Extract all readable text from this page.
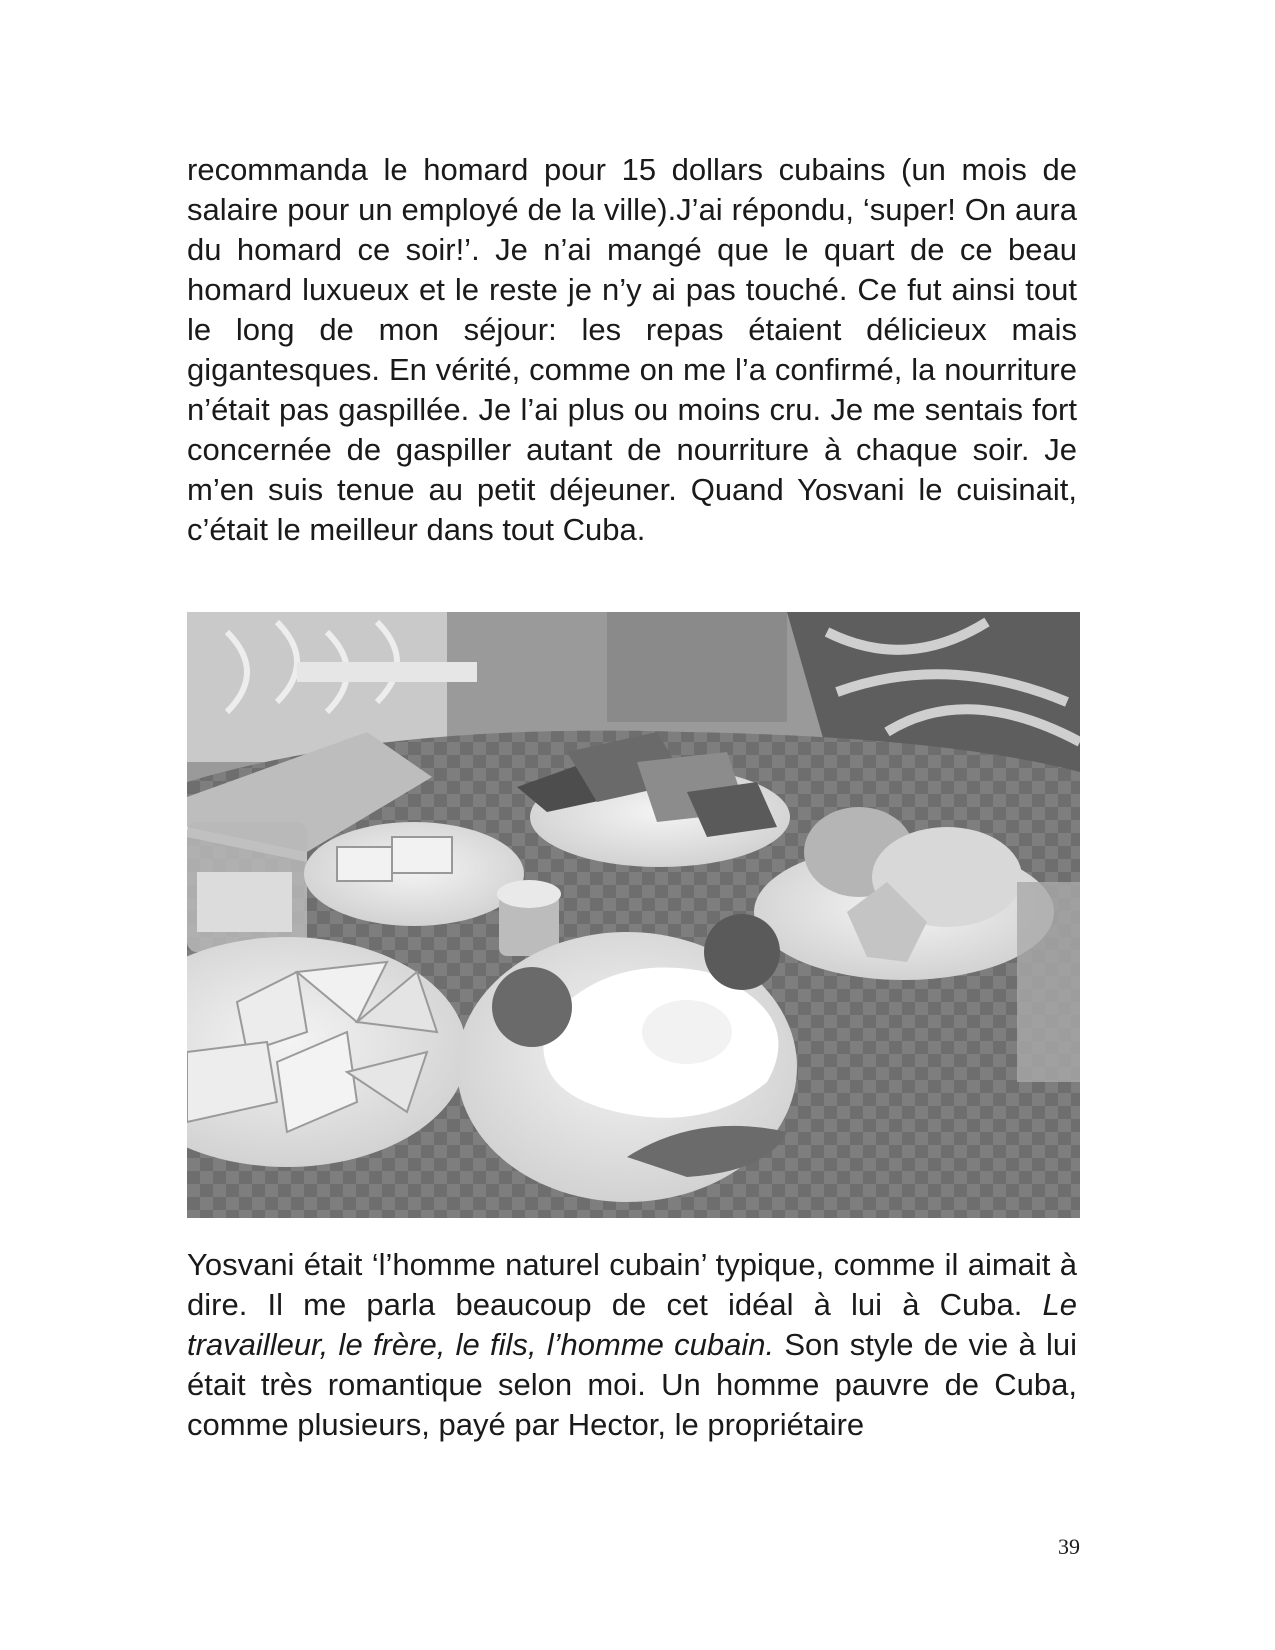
recommanda le homard pour 15 dollars cubains (un mois de salaire pour un employé de la ville).J’ai répondu, ‘super! On aura du homard ce soir!’. Je n’ai mangé que le quart de ce beau homard luxueux et le reste je n’y ai pas touché. Ce fut ainsi tout le long de mon séjour: les repas étaient délicieux mais gigantesques. En vérité, comme on me l’a confirmé, la nourriture n’était pas gaspillée. Je l’ai plus ou moins cru. Je me sentais fort concernée de gaspiller autant de nourriture à chaque soir. Je m’en suis tenue au petit déjeuner. Quand Yosvani le cuisinait, c’était le meilleur dans tout Cuba.

Yosvani était ‘l’homme naturel cubain’ typique, comme il aimait à dire. Il me parla beaucoup de cet idéal à lui à Cuba. Le travailleur, le frère, le fils, l’homme cubain. Son style de vie à lui était très romantique selon moi. Un homme pauvre de Cuba, comme plusieurs, payé par Hector, le propriétaire

39
